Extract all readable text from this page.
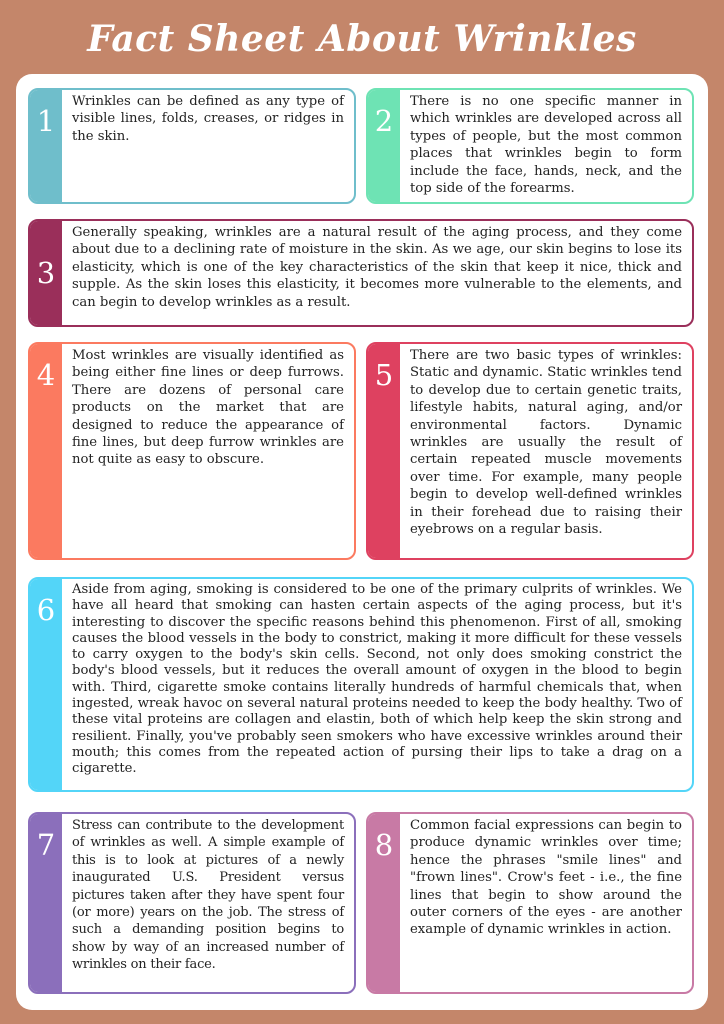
Fact Sheet About Wrinkles
1
Wrinkles can be defined as any type of visible lines, folds, creases, or ridges in the skin.	2
There is no one specific manner in which wrinkles are developed across all types of people, but the most common places that wrinkles begin to form include the face, hands, neck, and the top side of the forearms.
3
Generally speaking, wrinkles are a natural result of the aging process, and they come about due to a declining rate of moisture in the skin. As we age, our skin begins to lose its elasticity, which is one of the key characteristics of the skin that keep it nice, thick and supple. As the skin loses this elasticity, it becomes more vulnerable to the elements, and can begin to develop wrinkles as a result.
4
Most wrinkles are visually identified as being either fine lines or deep furrows. There are dozens of personal care products on the market that are designed to reduce the appearance of fine lines, but deep furrow wrinkles are not quite as easy to obscure.
5
There are two basic types of wrinkles: Static and dynamic. Static wrinkles tend to develop due to certain genetic traits, lifestyle habits, natural aging, and/or environmental factors. Dynamic wrinkles are usually the result of certain repeated muscle movements over time. For example, many people begin to develop well-defined wrinkles in their forehead due to raising their eyebrows on a regular basis.
6
Aside from aging, smoking is considered to be one of the primary culprits of wrinkles. We have all heard that smoking can hasten certain aspects of the aging process, but it's interesting to discover the specific reasons behind this phenomenon. First of all, smoking causes the blood vessels in the body to constrict, making it more difficult for these vessels to carry oxygen to the body's skin cells. Second, not only does smoking constrict the body's blood vessels, but it reduces the overall amount of oxygen in the blood to begin with. Third, cigarette smoke contains literally hundreds of harmful chemicals that, when ingested, wreak havoc on several natural proteins needed to keep the body healthy. Two of these vital proteins are collagen and elastin, both of which help keep the skin strong and resilient. Finally, you've probably seen smokers who have excessive wrinkles around their mouth; this comes from the repeated action of pursing their lips to take a drag on a cigarette.
7
Stress can contribute to the development of wrinkles as well. A simple example of this is to look at pictures of a newly inaugurated U.S. President versus pictures taken after they have spent four (or more) years on the job. The stress of such a demanding position begins to show by way of an increased number of wrinkles on their face.
8
Common facial expressions can begin to produce dynamic wrinkles over time; hence the phrases "smile lines" and "frown lines". Crow's feet - i.e., the fine lines that begin to show around the outer corners of the eyes - are another example of dynamic wrinkles in action.
